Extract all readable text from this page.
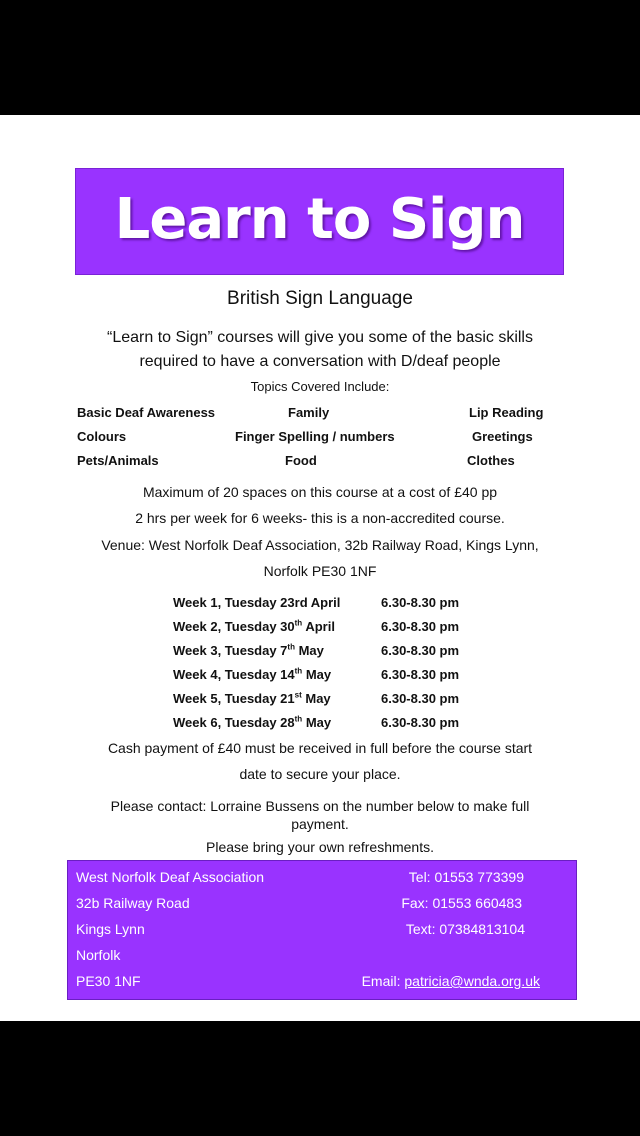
Learn to Sign
British Sign Language
“Learn to Sign” courses will give you some of the basic skills
required to have a conversation with D/deaf people
Topics Covered Include:
Basic Deaf Awareness	Family	Lip Reading
Colours	Finger Spelling / numbers	Greetings
Pets/Animals	Food	Clothes
Maximum of 20 spaces on this course at a cost of £40 pp
2 hrs per week for 6 weeks- this is a non-accredited course.
Venue: West Norfolk Deaf Association, 32b Railway Road, Kings Lynn,
Norfolk PE30 1NF
Week 1, Tuesday 23rd April	6.30-8.30 pm
Week 2, Tuesday 30th April	6.30-8.30 pm
Week 3, Tuesday 7th May	6.30-8.30 pm
Week 4, Tuesday 14th May	6.30-8.30 pm
Week 5, Tuesday 21st May	6.30-8.30 pm
Week 6, Tuesday 28th May	6.30-8.30 pm
Cash payment of £40 must be received in full before the course start
date to secure your place.
Please contact: Lorraine Bussens on the number below to make full
payment.
Please bring your own refreshments.
West Norfolk Deaf Association
32b Railway Road
Kings Lynn
Norfolk
PE30 1NF
Tel: 01553 773399
Fax: 01553 660483
Text: 07384813104
Email: patricia@wnda.org.uk
